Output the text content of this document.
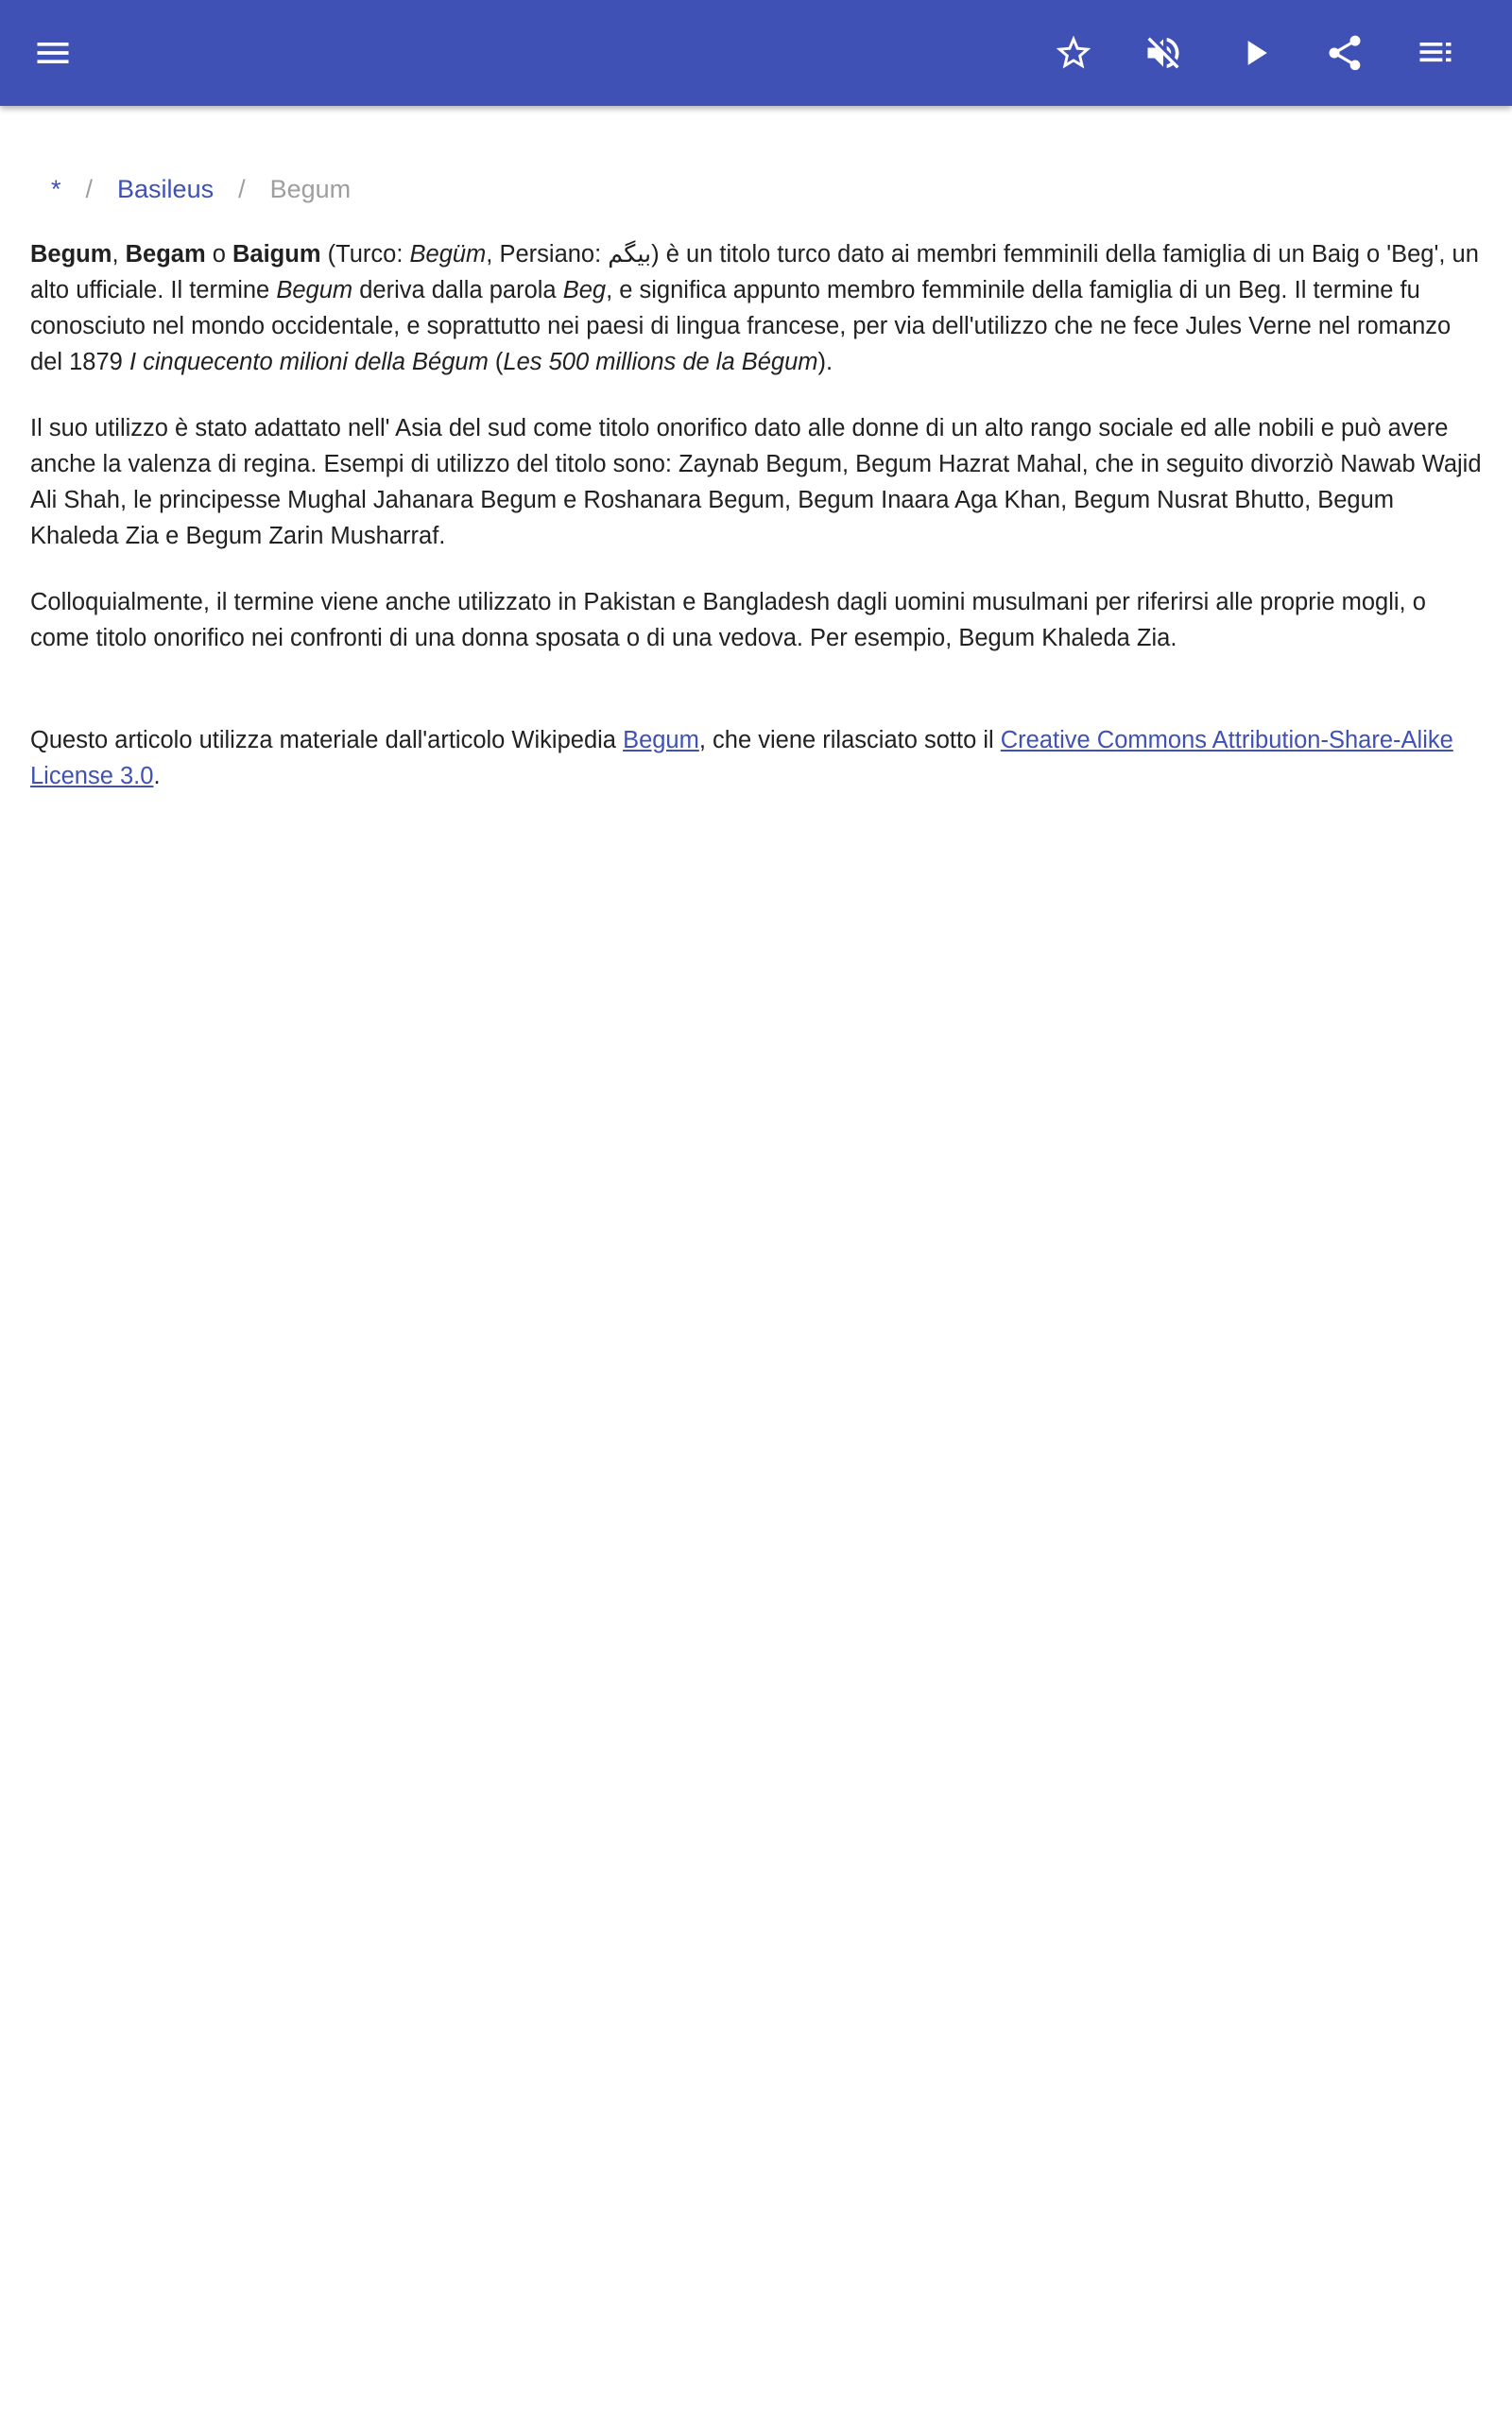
* / Basileus / Begum

Begum, Begam o Baigum (Turco: Begüm, Persiano: بیگم) è un titolo turco dato ai membri femminili della famiglia di un Baig o 'Beg', un alto ufficiale. Il termine Begum deriva dalla parola Beg, e significa appunto membro femminile della famiglia di un Beg. Il termine fu conosciuto nel mondo occidentale, e soprattutto nei paesi di lingua francese, per via dell'utilizzo che ne fece Jules Verne nel romanzo del 1879 I cinquecento milioni della Bégum (Les 500 millions de la Bégum).

Il suo utilizzo è stato adattato nell' Asia del sud come titolo onorifico dato alle donne di un alto rango sociale ed alle nobili e può avere anche la valenza di regina. Esempi di utilizzo del titolo sono: Zaynab Begum, Begum Hazrat Mahal, che in seguito divorziò Nawab Wajid Ali Shah, le principesse Mughal Jahanara Begum e Roshanara Begum, Begum Inaara Aga Khan, Begum Nusrat Bhutto, Begum Khaleda Zia e Begum Zarin Musharraf.

Colloquialmente, il termine viene anche utilizzato in Pakistan e Bangladesh dagli uomini musulmani per riferirsi alle proprie mogli, o come titolo onorifico nei confronti di una donna sposata o di una vedova. Per esempio, Begum Khaleda Zia.

Questo articolo utilizza materiale dall'articolo Wikipedia Begum, che viene rilasciato sotto il Creative Commons Attribution-Share-Alike License 3.0.
